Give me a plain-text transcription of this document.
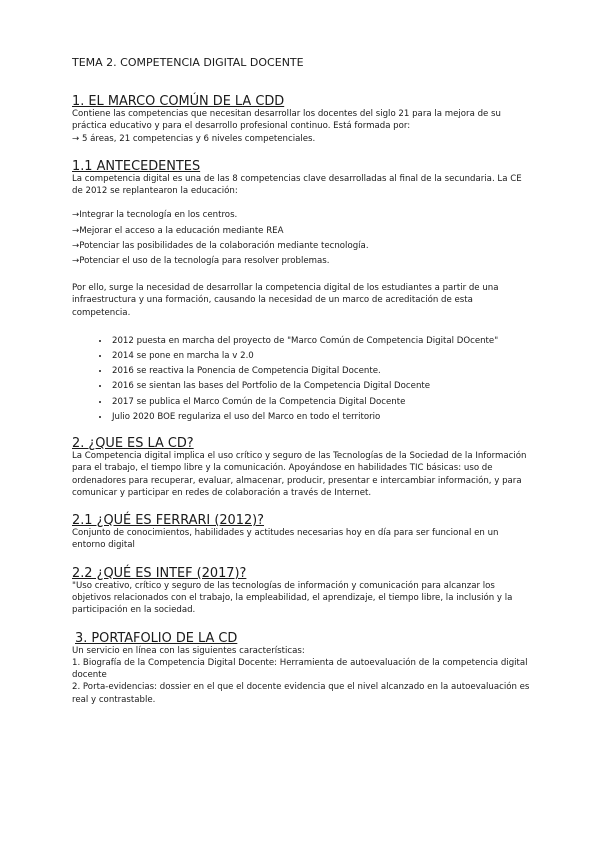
TEMA 2. COMPETENCIA DIGITAL DOCENTE
1. EL MARCO COMÚN DE LA CDD

Contiene las competencias que necesitan desarrollar los docentes del siglo 21 para la mejora de su práctica educativo y para el desarrollo profesional continuo. Está formada por:

→ 5 áreas, 21 competencias y 6 niveles competenciales.

1.1 ANTECEDENTES

La competencia digital es una de las 8 competencias clave desarrolladas al final de la secundaria. La CE de 2012 se replantearon la educación:

→ Integrar la tecnología en los centros.
→ Mejorar el acceso a la educación mediante REA
→ Potenciar las posibilidades de la colaboración mediante tecnología.
→ Potenciar el uso de la tecnología para resolver problemas.

Por ello, surge la necesidad de desarrollar la competencia digital de los estudiantes a partir de una infraestructura y una formación, causando la necesidad de un marco de acreditación de esta competencia.

• 2012 puesta en marcha del proyecto de "Marco Común de Competencia Digital DOcente"
• 2014 se pone en marcha la v 2.0
• 2016 se reactiva la Ponencia de Competencia Digital Docente.
• 2016 se sientan las bases del Portfolio de la Competencia Digital Docente
• 2017 se publica el Marco Común de la Competencia Digital Docente
• Julio 2020 BOE regulariza el uso del Marco en todo el territorio
2. ¿QUE ES LA CD?

La Competencia digital implica el uso crítico y seguro de las Tecnologías de la Sociedad de la Información para el trabajo, el tiempo libre y la comunicación. Apoyándose en habilidades TIC básicas: uso de ordenadores para recuperar, evaluar, almacenar, producir, presentar e intercambiar información, y para comunicar y participar en redes de colaboración a través de Internet.

2.1 ¿QUÉ ES FERRARI (2012)?

Conjunto de conocimientos, habilidades y actitudes necesarias hoy en día para ser funcional en un entorno digital

2.2 ¿QUÉ ES INTEF (2017)?

"Uso creativo, crítico y seguro de las tecnologías de información y comunicación para alcanzar los objetivos relacionados con el trabajo, la empleabilidad, el aprendizaje, el tiempo libre, la inclusión y la participación en la sociedad.

3. PORTAFOLIO DE LA CD

Un servicio en línea con las siguientes características:

1. Biografía de la Competencia Digital Docente: Herramienta de autoevaluación de la competencia digital docente

2. Porta-evidencias: dossier en el que el docente evidencia que el nivel alcanzado en la autoevaluación es real y contrastable.
